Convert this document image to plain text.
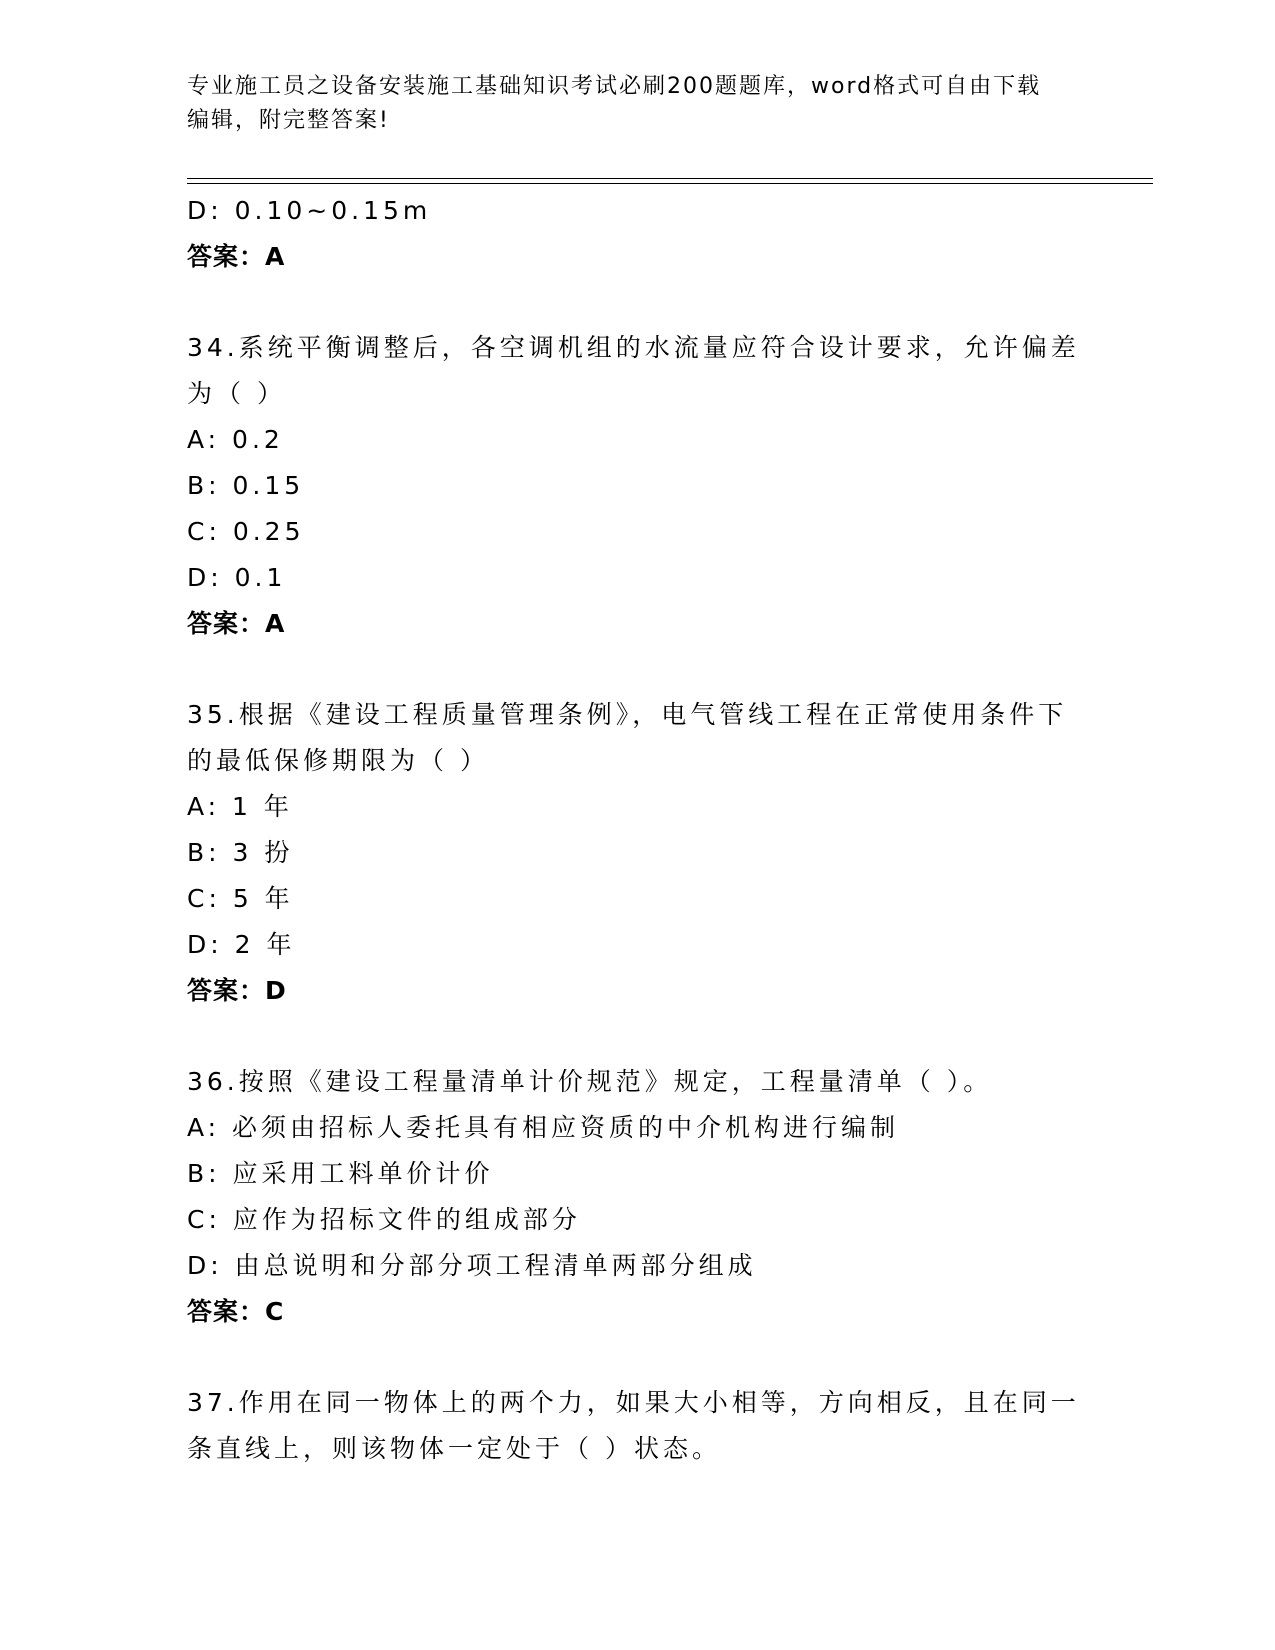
专业施工员之设备安装施工基础知识考试必刷200题题库，word格式可自由下载
编辑，附完整答案!
D: 0.10~0.15m
答案：A
34.系统平衡调整后，各空调机组的水流量应符合设计要求，允许偏差
为（ ）
A: 0.2
B: 0.15
C: 0.25
D: 0.1
答案：A
35.根据《建设工程质量管理条例》，电气管线工程在正常使用条件下
的最低保修期限为（ ）
A: 1 年
B: 3 扮
C: 5 年
D: 2 年
答案：D
36.按照《建设工程量清单计价规范》规定，工程量清单（ ）。
A: 必须由招标人委托具有相应资质的中介机构进行编制
B: 应采用工料单价计价
C: 应作为招标文件的组成部分
D: 由总说明和分部分项工程清单两部分组成
答案：C
37.作用在同一物体上的两个力，如果大小相等，方向相反，且在同一
条直线上，则该物体一定处于（ ）状态。
